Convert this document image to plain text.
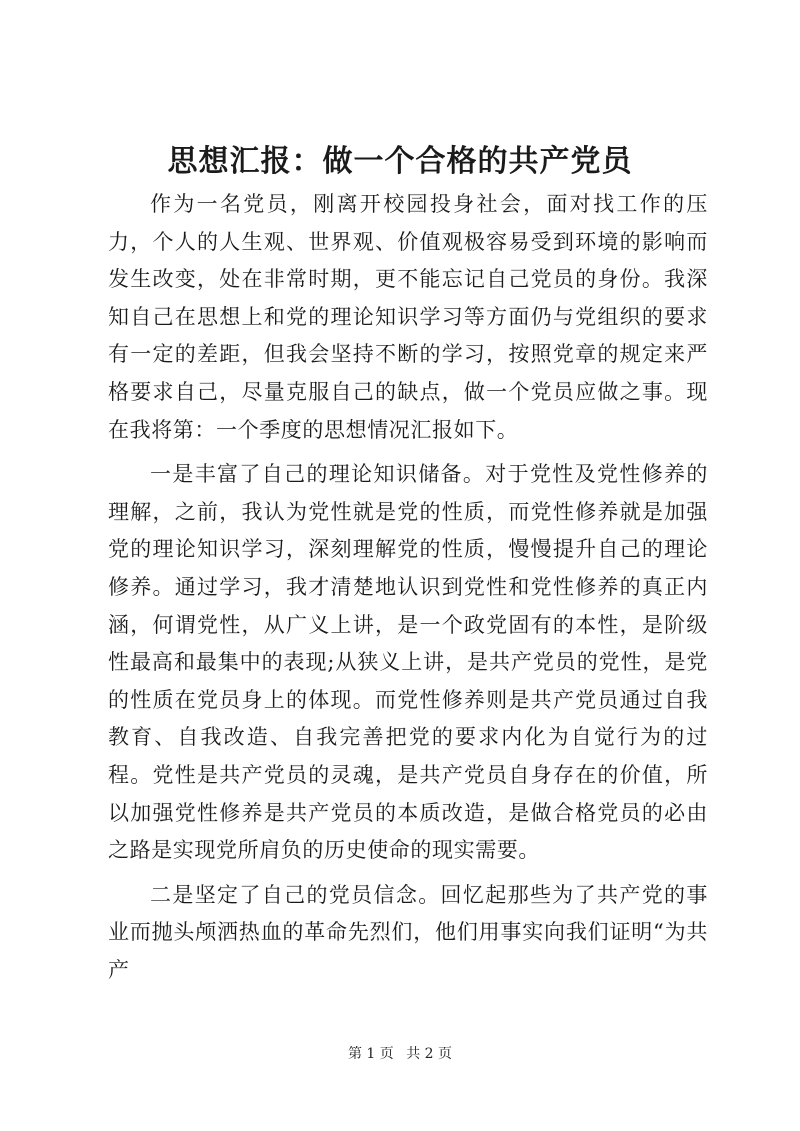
思想汇报：做一个合格的共产党员

作为一名党员，刚离开校园投身社会，面对找工作的压力，个人的人生观、世界观、价值观极容易受到环境的影响而发生改变，处在非常时期，更不能忘记自己党员的身份。我深知自己在思想上和党的理论知识学习等方面仍与党组织的要求有一定的差距，但我会坚持不断的学习，按照党章的规定来严格要求自己，尽量克服自己的缺点，做一个党员应做之事。现在我将第：一个季度的思想情况汇报如下。

一是丰富了自己的理论知识储备。对于党性及党性修养的理解，之前，我认为党性就是党的性质，而党性修养就是加强党的理论知识学习，深刻理解党的性质，慢慢提升自己的理论修养。通过学习，我才清楚地认识到党性和党性修养的真正内涵，何谓党性，从广义上讲，是一个政党固有的本性，是阶级性最高和最集中的表现;从狭义上讲，是共产党员的党性，是党的性质在党员身上的体现。而党性修养则是共产党员通过自我教育、自我改造、自我完善把党的要求内化为自觉行为的过程。党性是共产党员的灵魂，是共产党员自身存在的价值，所以加强党性修养是共产党员的本质改造，是做合格党员的必由之路是实现党所肩负的历史使命的现实需要。

二是坚定了自己的党员信念。回忆起那些为了共产党的事业而抛头颅洒热血的革命先烈们，他们用事实向我们证明“为共产

第 1 页 共 2 页
